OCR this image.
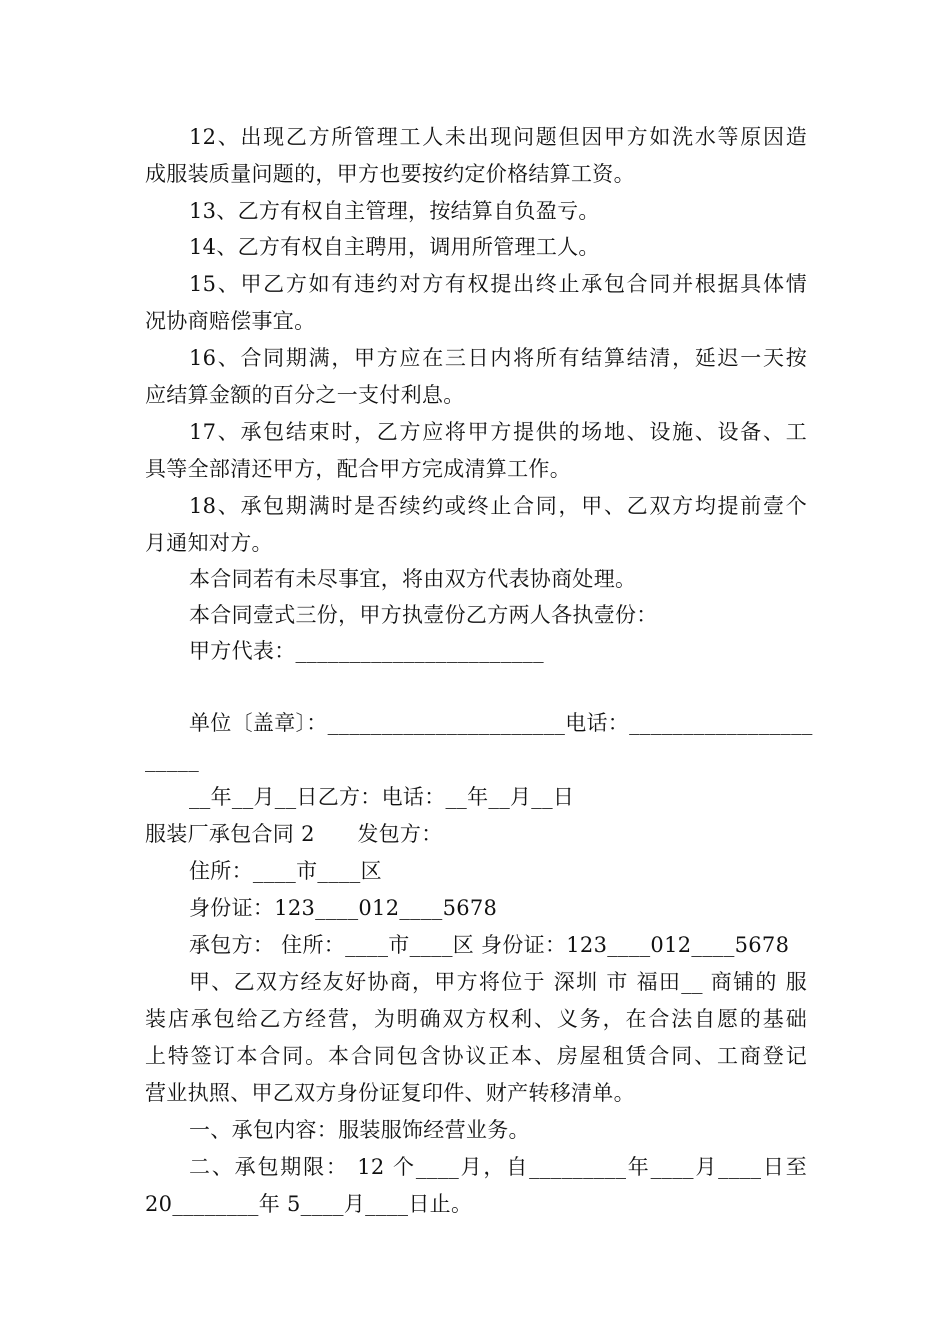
12、出现乙方所管理工人未出现问题但因甲方如洗水等原因造
成服装质量问题的，甲方也要按约定价格结算工资。
13、乙方有权自主管理，按结算自负盈亏。
14、乙方有权自主聘用，调用所管理工人。
15、甲乙方如有违约对方有权提出终止承包合同并根据具体情
况协商赔偿事宜。
16、合同期满，甲方应在三日内将所有结算结清，延迟一天按
应结算金额的百分之一支付利息。
17、承包结束时，乙方应将甲方提供的场地、设施、设备、工
具等全部清还甲方，配合甲方完成清算工作。
18、承包期满时是否续约或终止合同，甲、乙双方均提前壹个
月通知对方。
本合同若有未尽事宜，将由双方代表协商处理。
本合同壹式三份，甲方执壹份乙方两人各执壹份：
甲方代表：_______________________
单位〔盖章〕：______________________电话：_________________
_____
__年__月__日乙方：电话：__年__月__日
服装厂承包合同 2　　发包方：
住所：____市____区
身份证：123____012____5678
承包方： 住所：____市____区 身份证：123____012____5678
甲、乙双方经友好协商，甲方将位于 深圳 市 福田__ 商铺的 服
装店承包给乙方经营，为明确双方权利、义务，在合法自愿的基础
上特签订本合同。本合同包含协议正本、房屋租赁合同、工商登记
营业执照、甲乙双方身份证复印件、财产转移清单。
一、承包内容：服装服饰经营业务。
二、承包期限： 12 个____月，自_________年____月____日至
20________年 5____月____日止。
